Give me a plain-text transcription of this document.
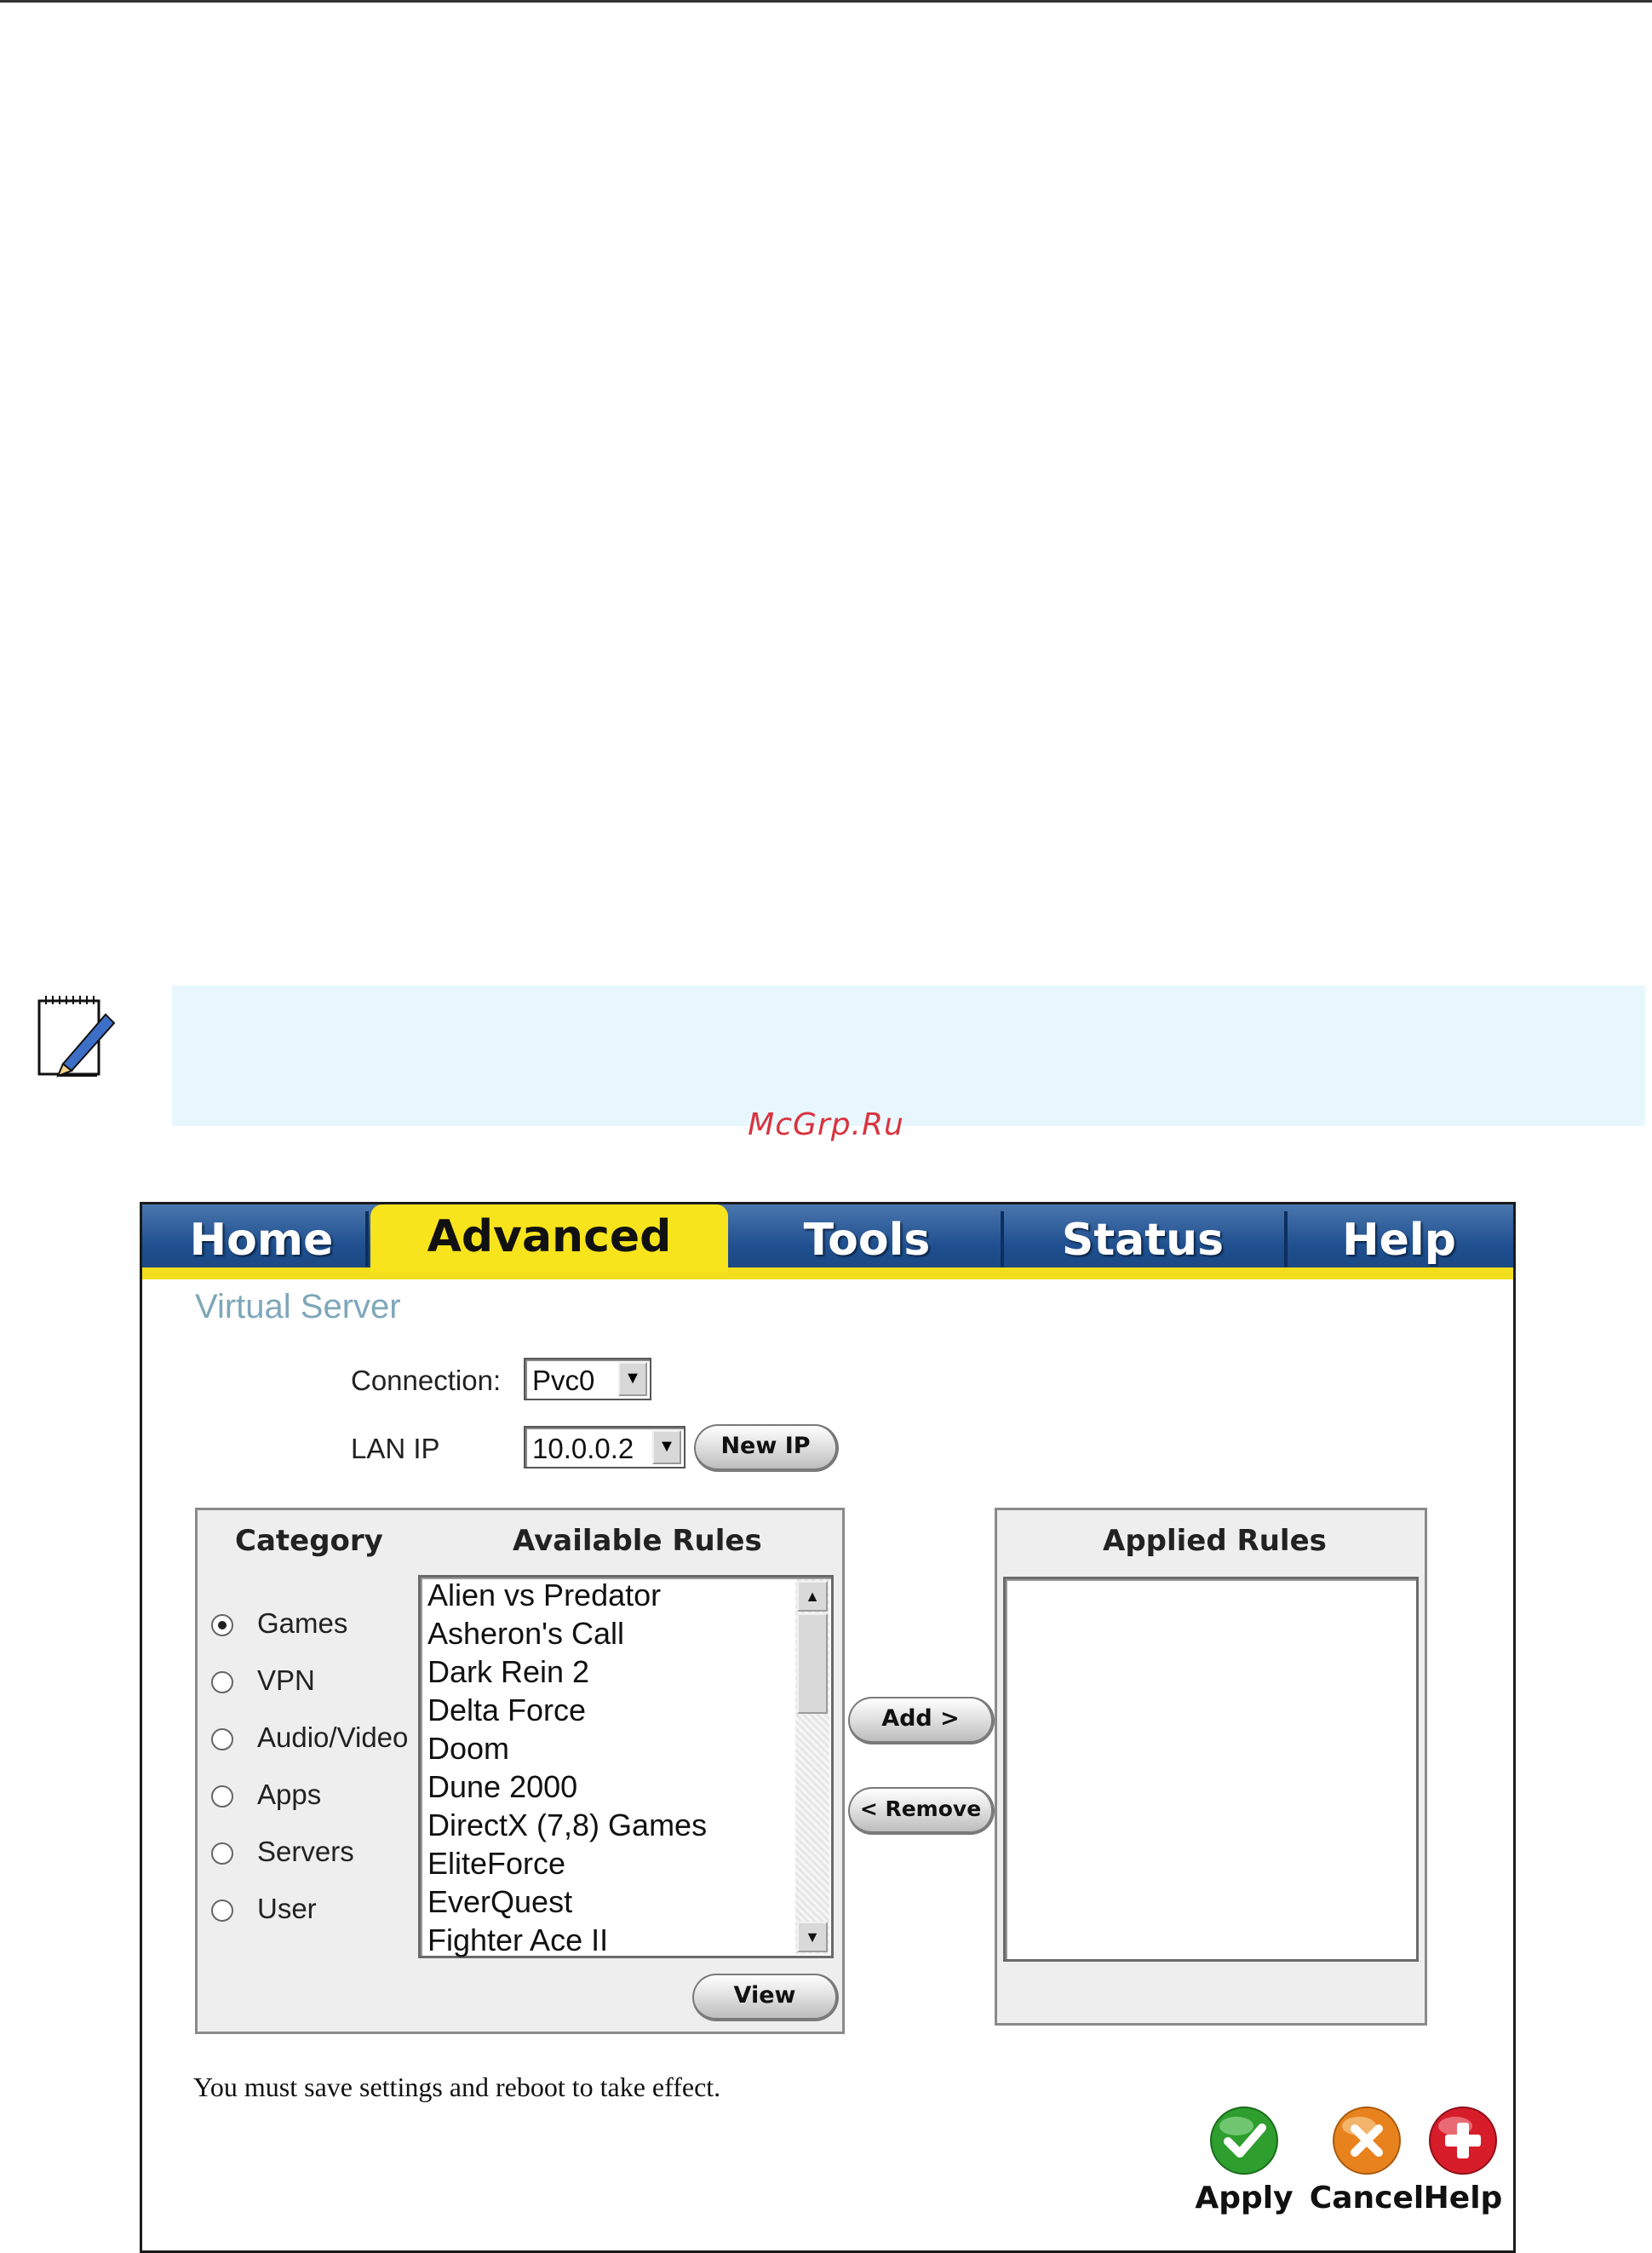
McGrp.Ru
Home	Advanced	Tools	Status	Help
Virtual Server
Connection: Pvc0	▼
LAN IP	10.0.0.2	▼	New IP
Category	Available Rules
Games
VPN
Audio/Video
Apps
Servers
User
Alien vs Predator
Asheron's Call
Dark Rein 2
Delta Force
Doom
Dune 2000
DirectX (7,8) Games
EliteForce
EverQuest
Fighter Ace II
▲
▼
View
Add >
< Remove
Applied Rules
You must save settings and reboot to take effect.
Apply Cancel Help
